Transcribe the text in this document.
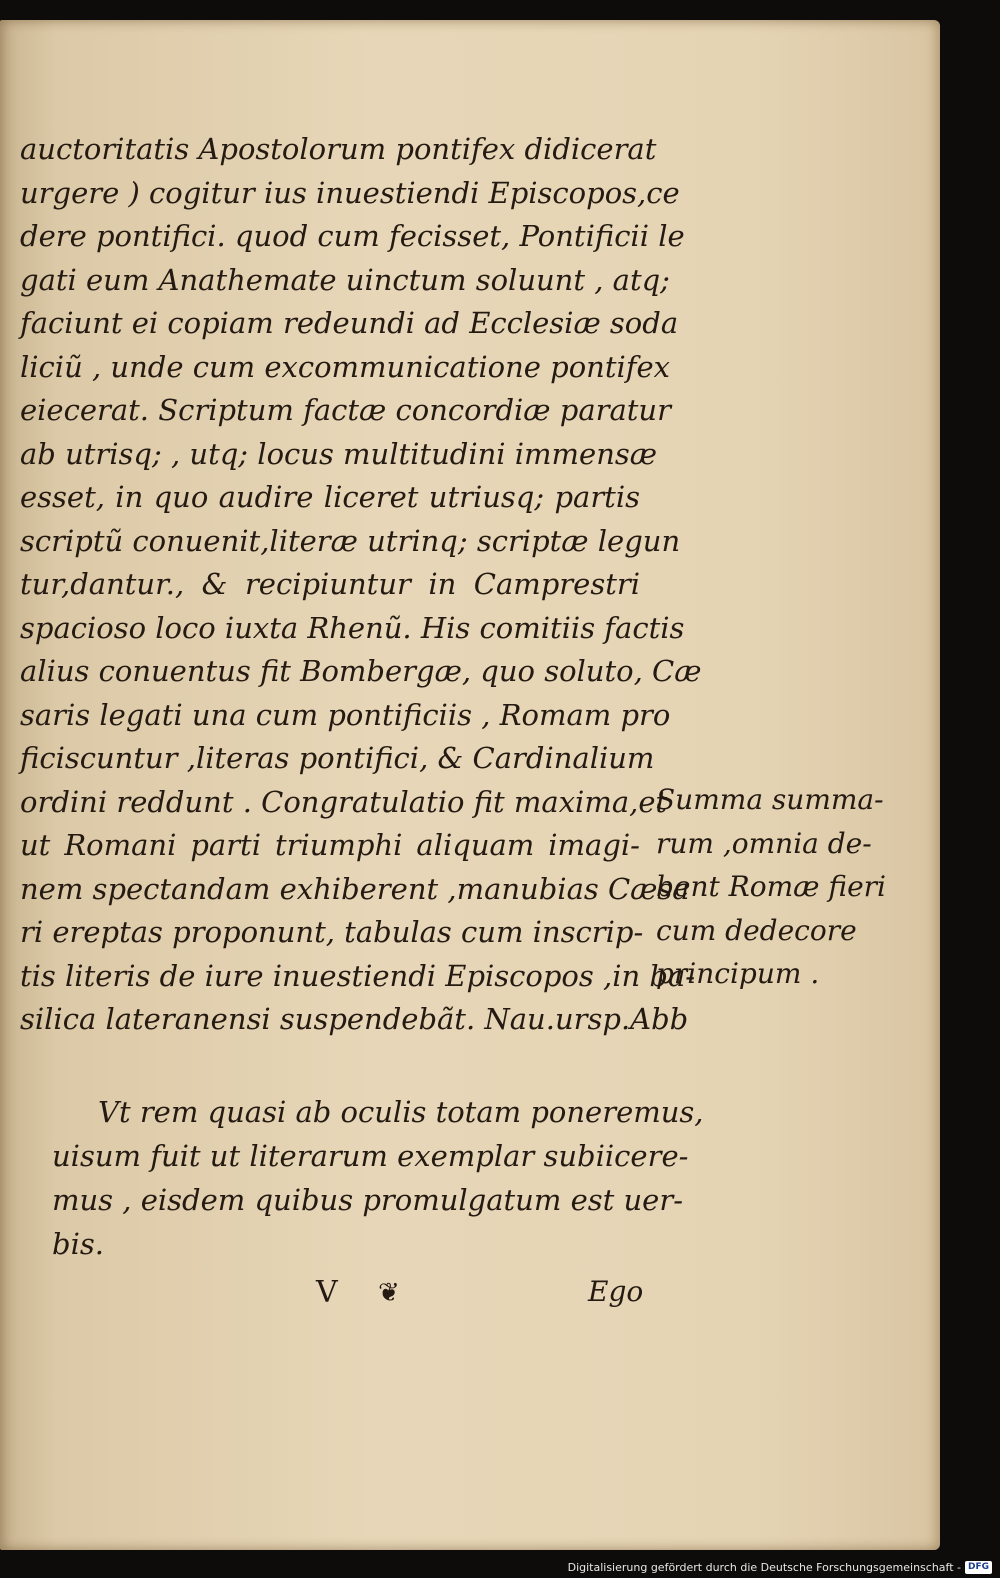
auctoritatis Apostolorum pontifex didicerat
urgere ) cogitur ius inuestiendi Episcopos,ce
dere pontifici. quod cum fecisset, Pontificii le
gati eum Anathemate uinctum soluunt , atq;
faciunt ei copiam redeundi ad Ecclesiæ soda
liciũ , unde cum excommunicatione pontifex
eiecerat. Scriptum factæ concordiæ paratur
ab utrisq; , utq; locus multitudini immensæ
esset, in quo audire liceret utriusq; partis
scriptũ conuenit,literæ utrinq; scriptæ legun
tur,dantur., & recipiuntur in Camprestri
spacioso loco iuxta Rhenũ. His comitiis factis
alius conuentus fit Bombergæ, quo soluto, Cæ
saris legati una cum pontificiis , Romam pro
ficiscuntur ,literas pontifici, & Cardinalium
ordini reddunt . Congratulatio fit maxima,et
ut Romani parti triumphi aliquam imagi-
nem spectandam exhiberent ,manubias Cæsa
ri ereptas proponunt, tabulas cum inscrip-
tis literis de iure inuestiendi Episcopos ,in ba-
silica lateranensi suspendebãt. Nau.ursp.Abb
Summa summa-
rum ,omnia de-
bent Romæ fieri
cum dedecore
principum .
Vt rem quasi ab oculis totam poneremus,
uisum fuit ut literarum exemplar subiicere-
mus , eisdem quibus promulgatum est uer-
bis.
V ❦	Ego
Digitalisierung gefördert durch die Deutsche Forschungsgemeinschaft - DFG
